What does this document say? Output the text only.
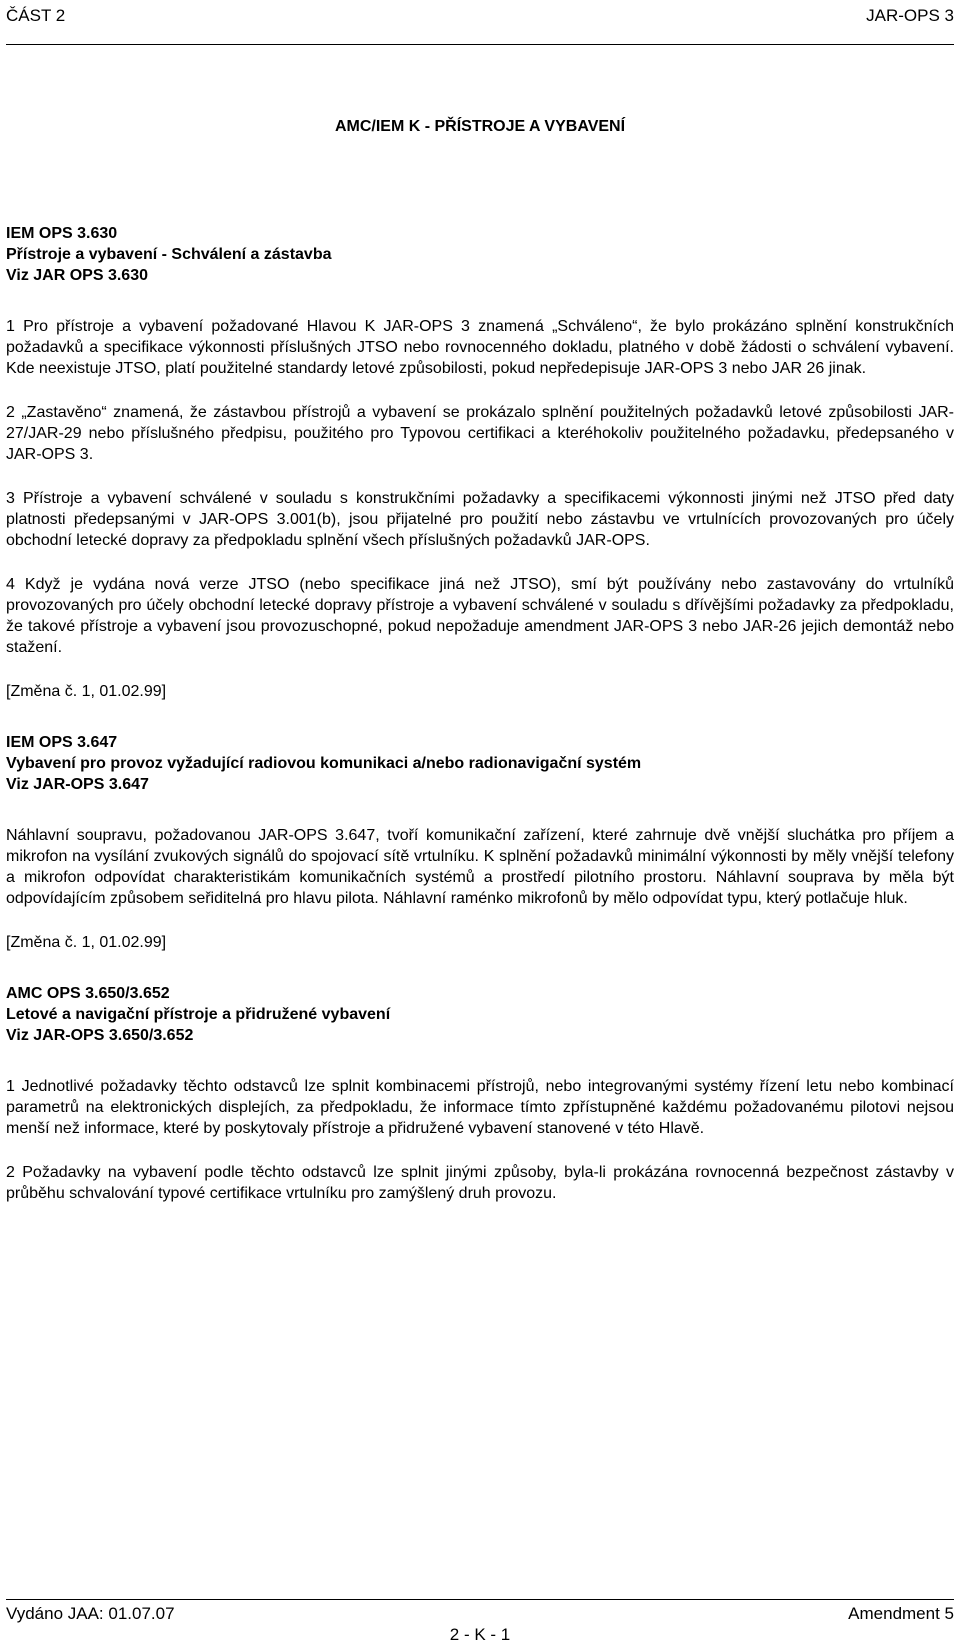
ČÁST 2	JAR-OPS 3
AMC/IEM K - PŘÍSTROJE A VYBAVENÍ
IEM OPS 3.630
Přístroje a vybavení - Schválení a zástavba
Viz JAR OPS 3.630

1 Pro přístroje a vybavení požadované Hlavou K JAR-OPS 3 znamená „Schváleno“, že bylo prokázáno splnění konstrukčních požadavků a specifikace výkonnosti příslušných JTSO nebo rovnocenného dokladu, platného v době žádosti o schválení vybavení. Kde neexistuje JTSO, platí použitelné standardy letové způsobilosti, pokud nepředepisuje JAR-OPS 3 nebo JAR 26 jinak.

2 „Zastavěno“ znamená, že zástavbou přístrojů a vybavení se prokázalo splnění použitelných požadavků letové způsobilosti JAR-27/JAR-29 nebo příslušného předpisu, použitého pro Typovou certifikaci a kteréhokoliv použitelného požadavku, předepsaného v JAR-OPS 3.

3 Přístroje a vybavení schválené v souladu s konstrukčními požadavky a specifikacemi výkonnosti jinými než JTSO před daty platnosti předepsanými v JAR-OPS 3.001(b), jsou přijatelné pro použití nebo zástavbu ve vrtulnících provozovaných pro účely obchodní letecké dopravy za předpokladu splnění všech příslušných požadavků JAR-OPS.

4 Když je vydána nová verze JTSO (nebo specifikace jiná než JTSO), smí být používány nebo zastavovány do vrtulníků provozovaných pro účely obchodní letecké dopravy přístroje a vybavení schválené v souladu s dřívějšími požadavky za předpokladu, že takové přístroje a vybavení jsou provozuschopné, pokud nepožaduje amendment JAR-OPS 3 nebo JAR-26 jejich demontáž nebo stažení.

[Změna č. 1, 01.02.99]

IEM OPS 3.647
Vybavení pro provoz vyžadující radiovou komunikaci a/nebo radionavigační systém
Viz JAR-OPS 3.647

Náhlavní soupravu, požadovanou JAR-OPS 3.647, tvoří komunikační zařízení, které zahrnuje dvě vnější sluchátka pro příjem a mikrofon na vysílání zvukových signálů do spojovací sítě vrtulníku. K splnění požadavků minimální výkonnosti by měly vnější telefony a mikrofon odpovídat charakteristikám komunikačních systémů a prostředí pilotního prostoru. Náhlavní souprava by měla být odpovídajícím způsobem seřiditelná pro hlavu pilota. Náhlavní raménko mikrofonů by mělo odpovídat typu, který potlačuje hluk.

[Změna č. 1, 01.02.99]

AMC OPS 3.650/3.652
Letové a navigační přístroje a přidružené vybavení
Viz JAR-OPS 3.650/3.652

1 Jednotlivé požadavky těchto odstavců lze splnit kombinacemi přístrojů, nebo integrovanými systémy řízení letu nebo kombinací parametrů na elektronických displejích, za předpokladu, že informace tímto zpřístupněné každému požadovanému pilotovi nejsou menší než informace, které by poskytovaly přístroje a přidružené vybavení stanovené v této Hlavě.

2 Požadavky na vybavení podle těchto odstavců lze splnit jinými způsoby, byla-li prokázána rovnocenná bezpečnost zástavby v průběhu schvalování typové certifikace vrtulníku pro zamýšlený druh provozu.

Vydáno JAA: 01.07.07	Amendment 5
2 - K - 1
